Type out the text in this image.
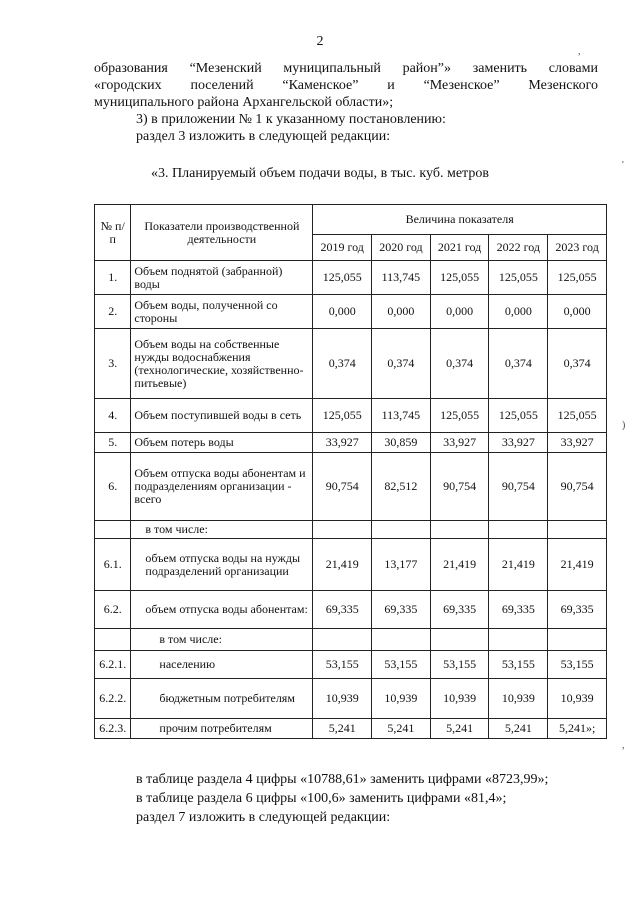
2
образования “Мезенский муниципальный район”» заменить словами
«городских поселений “Каменское” и “Мезенское” Мезенского
муниципального района Архангельской области»;
3) в приложении № 1 к указанному постановлению:
раздел 3 изложить в следующей редакции:
«3. Планируемый объем подачи воды, в тыс. куб. метров
№ п/п	Показатели производственной деятельности	Величина показателя				
		2019 год	2020 год	2021 год	2022 год	2023 год
1.	Объем поднятой (забранной) воды	125,055	113,745	125,055	125,055	125,055
2.	Объем воды, полученной со стороны	0,000	0,000	0,000	0,000	0,000
3.	Объем воды на собственные нужды водоснабжения (технологические, хозяйственно-питьевые)	0,374	0,374	0,374	0,374	0,374
4.	Объем поступившей воды в сеть	125,055	113,745	125,055	125,055	125,055
5.	Объем потерь воды	33,927	30,859	33,927	33,927	33,927
6.	Объем отпуска воды абонентам и подразделениям организации - всего	90,754	82,512	90,754	90,754	90,754
	в том числе:					
6.1.	объем отпуска воды на нужды подразделений организации	21,419	13,177	21,419	21,419	21,419
6.2.	объем отпуска воды абонентам:	69,335	69,335	69,335	69,335	69,335
	в том числе:					
6.2.1.	населению	53,155	53,155	53,155	53,155	53,155
6.2.2.	бюджетным потребителям	10,939	10,939	10,939	10,939	10,939
6.2.3.	прочим потребителям	5,241	5,241	5,241	5,241	5,241»;
в таблице раздела 4 цифры «10788,61» заменить цифрами «8723,99»;
в таблице раздела 6 цифры «100,6» заменить цифрами «81,4»;
раздел 7 изложить в следующей редакции:
,
'
)
,
